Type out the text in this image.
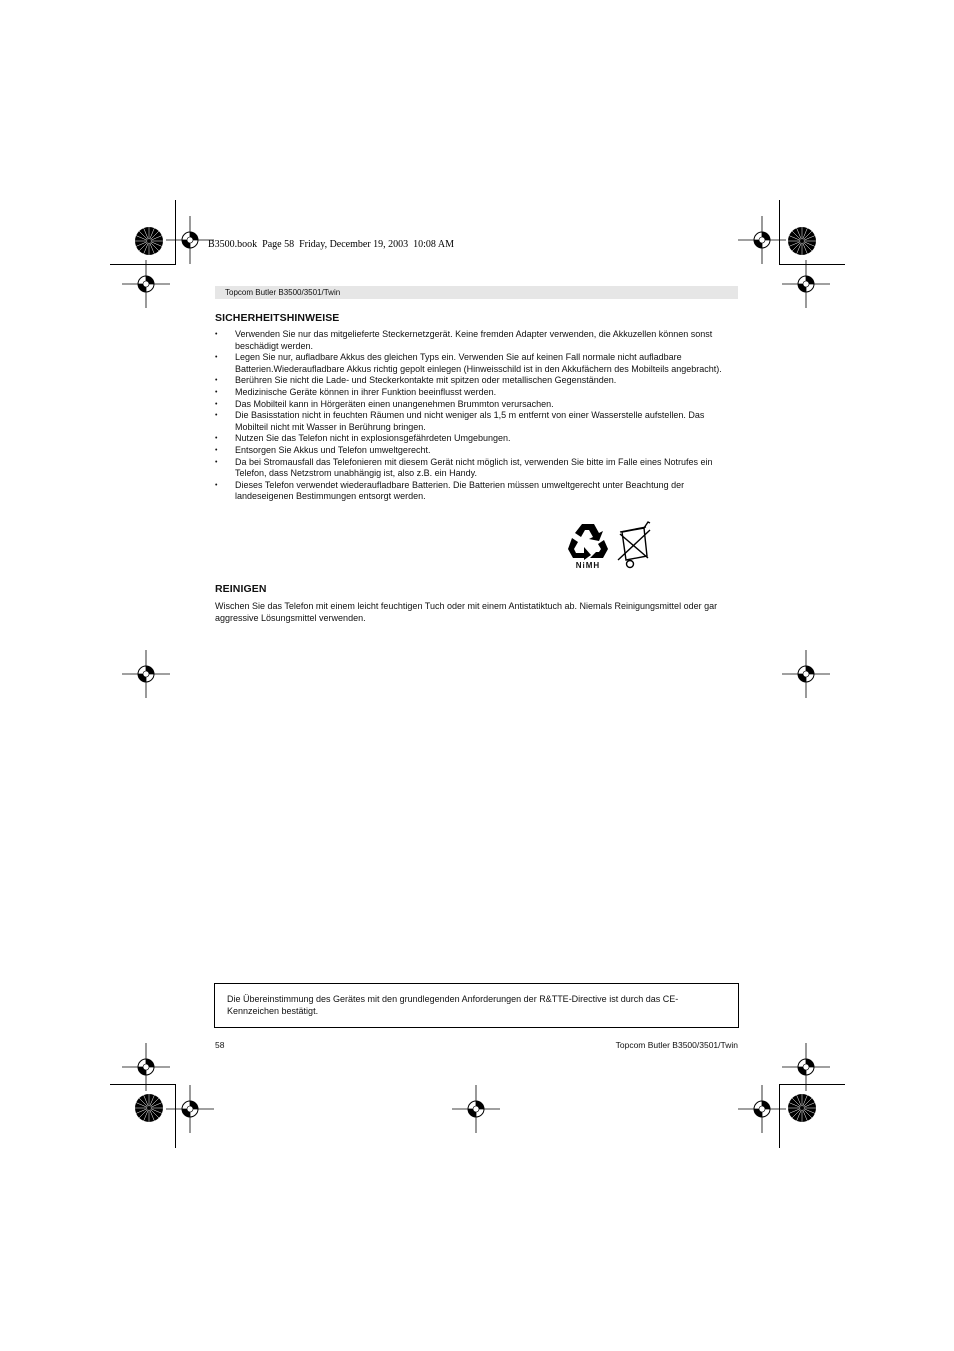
B3500.book  Page 58  Friday, December 19, 2003  10:08 AM
Topcom Butler B3500/3501/Twin
SICHERHEITSHINWEISE
• Verwenden Sie nur das mitgelieferte Steckernetzgerät. Keine fremden Adapter verwenden, die Akkuzellen können sonst beschädigt werden.
• Legen Sie nur, aufladbare Akkus des gleichen Typs ein. Verwenden Sie auf keinen Fall normale nicht aufladbare Batterien.Wiederaufladbare Akkus richtig gepolt einlegen (Hinweisschild ist in den Akkufächern des Mobilteils angebracht).
• Berühren Sie nicht die Lade- und Steckerkontakte mit spitzen oder metallischen Gegenständen.
• Medizinische Geräte können in ihrer Funktion beeinflusst werden.
• Das Mobilteil kann in Hörgeräten einen unangenehmen Brummton verursachen.
• Die Basisstation nicht in feuchten Räumen und nicht weniger als 1,5 m entfernt von einer Wasserstelle aufstellen. Das Mobilteil nicht mit Wasser in Berührung bringen.
• Nutzen Sie das Telefon nicht in explosionsgefährdeten Umgebungen.
• Entsorgen Sie Akkus und Telefon umweltgerecht.
• Da bei Stromausfall das Telefonieren mit diesem Gerät nicht möglich ist, verwenden Sie bitte im Falle eines Notrufes ein Telefon, dass Netzstrom unabhängig ist, also z.B. ein Handy.
• Dieses Telefon verwendet wiederaufladbare Batterien. Die Batterien müssen umweltgerecht unter Beachtung der landeseigenen Bestimmungen entsorgt werden.
NiMH
REINIGEN
Wischen Sie das Telefon mit einem leicht feuchtigen Tuch oder mit einem Antistatiktuch ab. Niemals Reinigungsmittel oder gar aggressive Lösungsmittel verwenden.
Die Übereinstimmung des Gerätes mit den grundlegenden Anforderungen der R&TTE-Directive ist durch das CE-Kennzeichen bestätigt.
58	Topcom Butler B3500/3501/Twin
